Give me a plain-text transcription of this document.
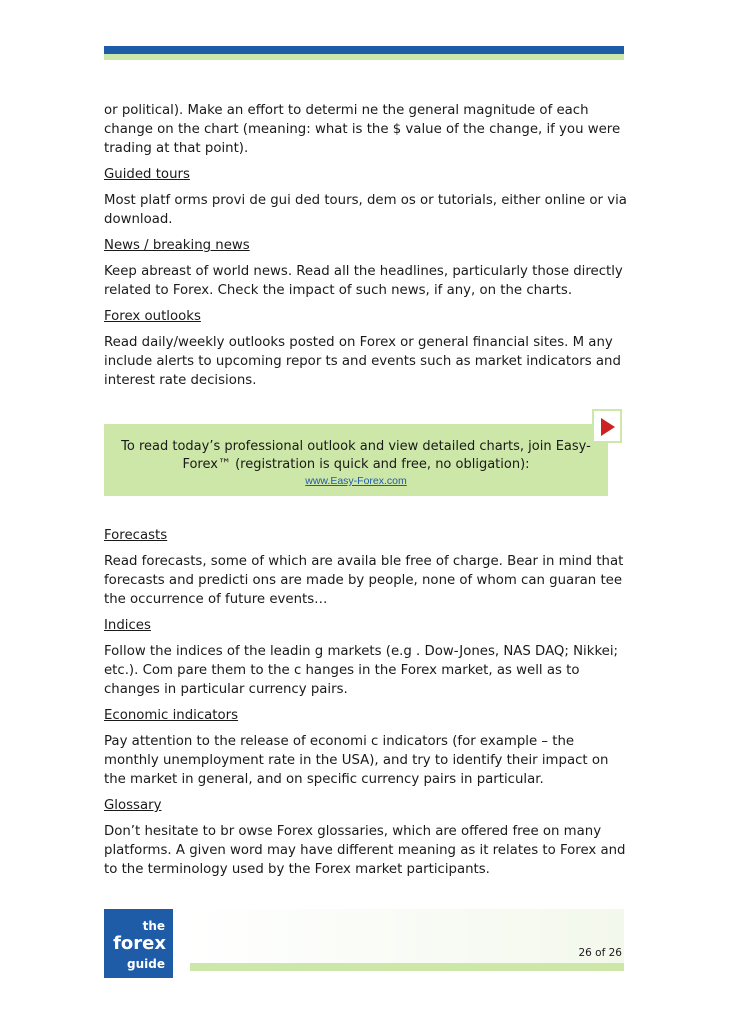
or political). Make an effort to determi ne the general magnitude of each change on the chart (meaning: what is the $ value of the change, if you were trading at that point).

Guided tours

Most platf orms provi de gui ded tours, dem os or tutorials, either online or via download.

News / breaking news

Keep abreast of world news. Read all the headlines, particularly those directly related to Forex. Check the impact of such news, if any, on the charts.

Forex outlooks

Read daily/weekly outlooks posted on Forex or general financial sites. M any include alerts to upcoming repor ts and events such as market indicators and interest rate decisions.

To read today’s professional outlook and view detailed charts, join Easy-
Forex™ (registration is quick and free, no obligation):
www.Easy-Forex.com

Forecasts

Read forecasts, some of which are availa ble free of charge. Bear in mind that forecasts and predicti ons are made by people, none of whom can guaran tee the occurrence of future events…

Indices

Follow the indices of the leadin g markets (e.g . Dow-Jones, NAS DAQ; Nikkei; etc.). Com pare them to the c hanges in the Forex market, as well as to changes in particular currency pairs.

Economic indicators

Pay attention to the release of economi c indicators (for example – the monthly unemployment rate in the USA), and try to identify their impact on the market in general, and on specific currency pairs in particular.

Glossary

Don’t hesitate to br owse Forex glossaries, which are offered free on many platforms. A given word may have different meaning as it relates to Forex and to the terminology used by the Forex market participants.

the
forex
guide
26 of 26
